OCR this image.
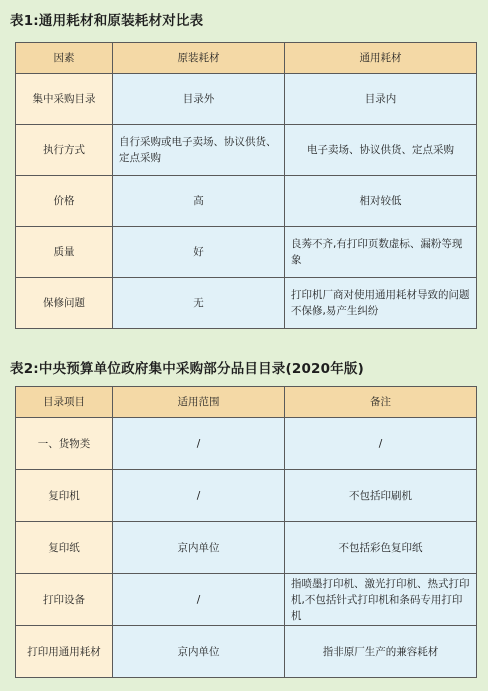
表1:通用耗材和原装耗材对比表
因素	原装耗材	通用耗材
集中采购目录	目录外	目录内
执行方式	自行采购或电子卖场、协议供货、定点采购	电子卖场、协议供货、定点采购
价格	高	相对较低
质量	好	良莠不齐,有打印页数虚标、漏粉等现象
保修问题	无	打印机厂商对使用通用耗材导致的问题不保修,易产生纠纷
表2:中央预算单位政府集中采购部分品目目录(2020年版)
目录项目	适用范围	备注
一、货物类	/	/
复印机	/	不包括印刷机
复印纸	京内单位	不包括彩色复印纸
打印设备	/	指喷墨打印机、激光打印机、热式打印机,不包括针式打印机和条码专用打印机
打印用通用耗材	京内单位	指非原厂生产的兼容耗材
